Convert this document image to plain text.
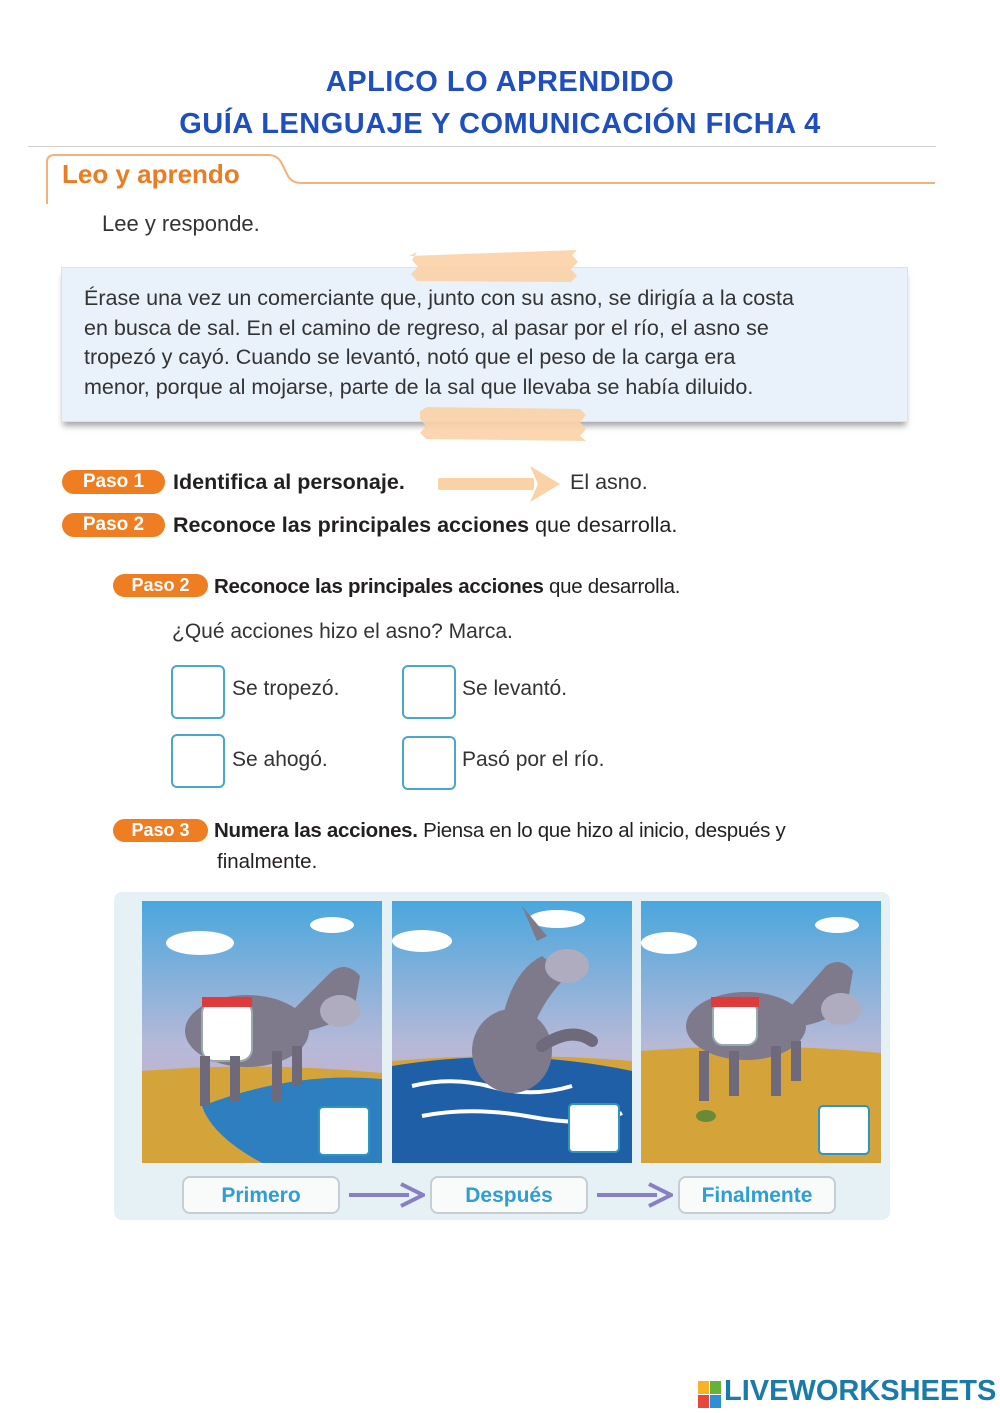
APLICO LO APRENDIDO
GUÍA LENGUAJE Y COMUNICACIÓN FICHA 4
Leo y aprendo
Lee y responde.
Érase una vez un comerciante que, junto con su asno, se dirigía a la costa
en busca de sal. En el camino de regreso, al pasar por el río, el asno se
tropezó y cayó. Cuando se levantó, notó que el peso de la carga era
menor, porque al mojarse, parte de la sal que llevaba se había diluido.
Paso 1	Identifica al personaje.	El asno.
Paso 2	Reconoce las principales acciones que desarrolla.
Paso 2	Reconoce las principales acciones que desarrolla.
¿Qué acciones hizo el asno? Marca.
Se tropezó.	Se levantó.
Se ahogó.	Pasó por el río.
Paso 3	Numera las acciones. Piensa en lo que hizo al inicio, después y
finalmente.
Primero	Después	Finalmente
LIVEWORKSHEETS
